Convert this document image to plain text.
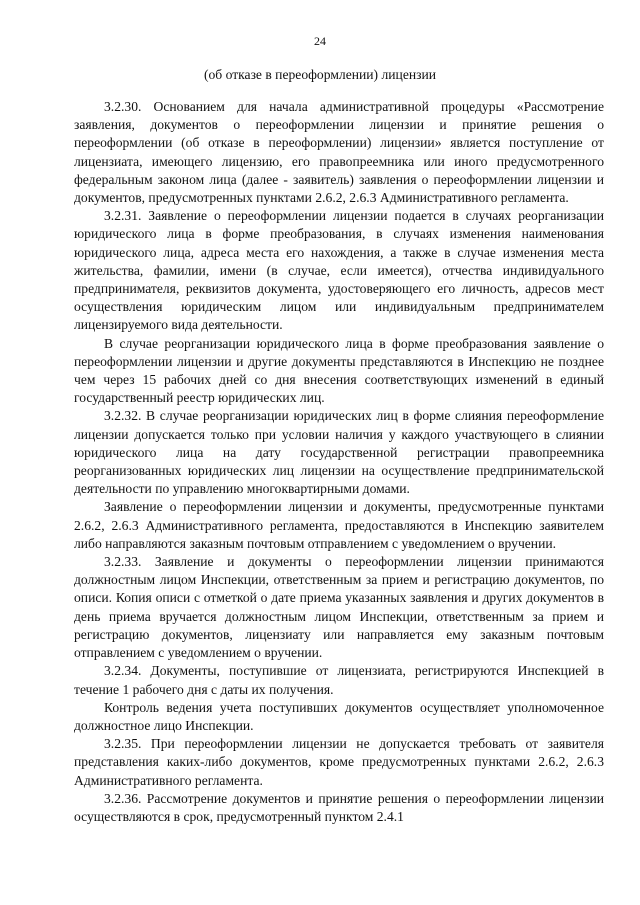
24
(об отказе в переоформлении) лицензии

3.2.30. Основанием для начала административной процедуры «Рассмотрение заявления, документов о переоформлении лицензии и принятие решения о переоформлении (об отказе в переоформлении) лицензии» является поступление от лицензиата, имеющего лицензию, его правопреемника или иного предусмотренного федеральным законом лица (далее - заявитель) заявления о переоформлении лицензии и документов, предусмотренных пунктами 2.6.2, 2.6.3 Административного регламента.

3.2.31. Заявление о переоформлении лицензии подается в случаях реорганизации юридического лица в форме преобразования, в случаях изменения наименования юридического лица, адреса места его нахождения, а также в случае изменения места жительства, фамилии, имени (в случае, если имеется), отчества индивидуального предпринимателя, реквизитов документа, удостоверяющего его личность, адресов мест осуществления юридическим лицом или индивидуальным предпринимателем лицензируемого вида деятельности.

В случае реорганизации юридического лица в форме преобразования заявление о переоформлении лицензии и другие документы представляются в Инспекцию не позднее чем через 15 рабочих дней со дня внесения соответствующих изменений в единый государственный реестр юридических лиц.

3.2.32. В случае реорганизации юридических лиц в форме слияния переоформление лицензии допускается только при условии наличия у каждого участвующего в слиянии юридического лица на дату государственной регистрации правопреемника реорганизованных юридических лиц лицензии на осуществление предпринимательской деятельности по управлению многоквартирными домами.

Заявление о переоформлении лицензии и документы, предусмотренные пунктами 2.6.2, 2.6.3 Административного регламента, предоставляются в Инспекцию заявителем либо направляются заказным почтовым отправлением с уведомлением о вручении.

3.2.33. Заявление и документы о переоформлении лицензии принимаются должностным лицом Инспекции, ответственным за прием и регистрацию документов, по описи. Копия описи с отметкой о дате приема указанных заявления и других документов в день приема вручается должностным лицом Инспекции, ответственным за прием и регистрацию документов, лицензиату или направляется ему заказным почтовым отправлением с уведомлением о вручении.

3.2.34. Документы, поступившие от лицензиата, регистрируются Инспекцией в течение 1 рабочего дня с даты их получения.

Контроль ведения учета поступивших документов осуществляет уполномоченное должностное лицо Инспекции.

3.2.35. При переоформлении лицензии не допускается требовать от заявителя представления каких-либо документов, кроме предусмотренных пунктами 2.6.2, 2.6.3 Административного регламента.

3.2.36. Рассмотрение документов и принятие решения о переоформлении лицензии осуществляются в срок, предусмотренный пунктом 2.4.1
